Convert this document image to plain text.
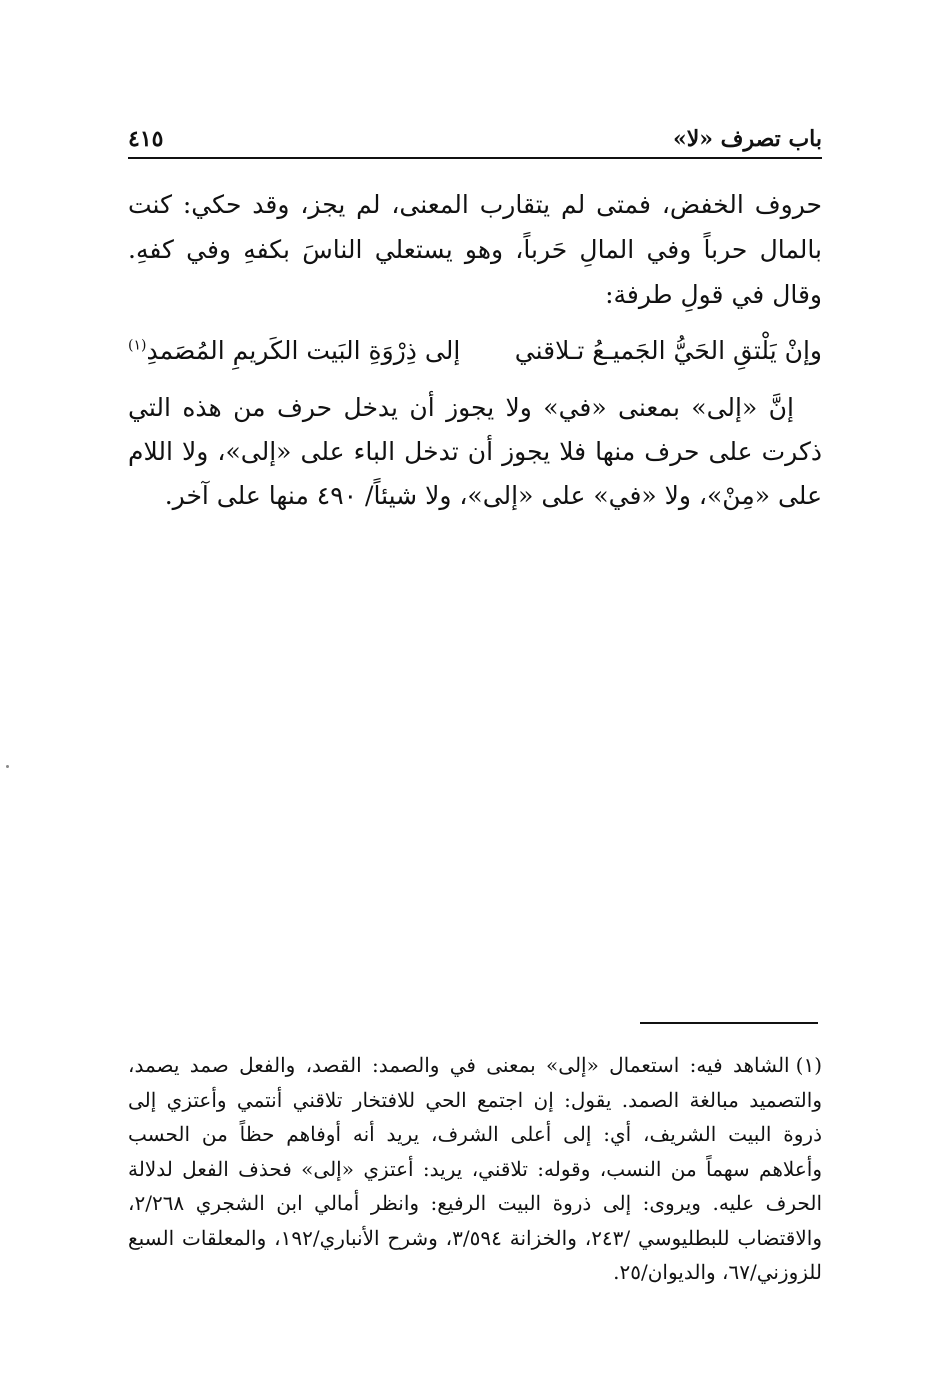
باب تصرف «لا»
٤١٥

حروف الخفض، فمتى لم يتقارب المعنى، لم يجز، وقد حكي: كنت بالمال حرباً وفي المالِ حَرباً، وهو يستعلي الناسَ بكفهِ وفي كفهِ. وقال في قولِ طرفة:

وإنْ يَلْتقِ الحَيُّ الجَميـعُ تـلاقني
إلى ذِرْوَةِ البَيت الكَريمِ المُصَمدِ$^{(١)}$

إنَّ «إلى» بمعنى «في» ولا يجوز أن يدخل حرف من هذه التي ذكرت على حرف منها فلا يجوز أن تدخل الباء على «إلى»، ولا اللام على «مِنْ»، ولا «في» على «إلى»، ولا شيئاً/ ٤٩٠ منها على آخر.

(١)الشاهد فيه: استعمال «إلى» بمعنى في والصمد: القصد، والفعل صمد يصمد، والتصميد مبالغة الصمد. يقول: إن اجتمع الحي للافتخار تلاقني أنتمي وأعتزي إلى ذروة البيت الشريف، أي: إلى أعلى الشرف، يريد أنه أوفاهم حظاً من الحسب وأعلاهم سهماً من النسب، وقوله: تلاقني، يريد: أعتزي «إلى» فحذف الفعل لدلالة الحرف عليه. ويروى: إلى ذروة البيت الرفيع: وانظر أمالي ابن الشجري ٢/٢٦٨، والاقتضاب للبطليوسي /٢٤٣، والخزانة ٣/٥٩٤، وشرح الأنباري/١٩٢، والمعلقات السبع للزوزني/٦٧، والديوان/٢٥.
